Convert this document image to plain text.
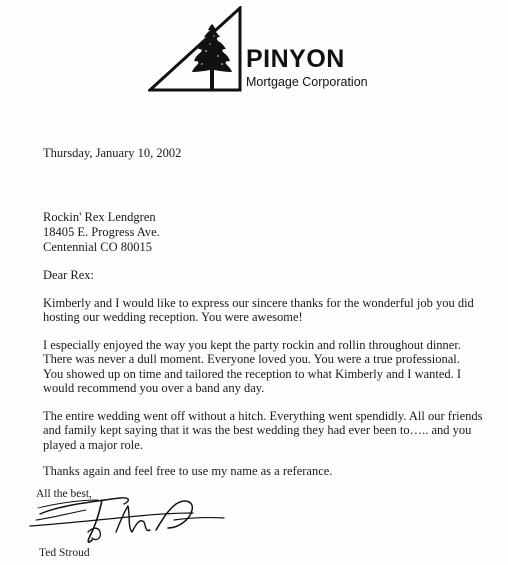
PINYON
Mortgage Corporation
Thursday, January 10, 2002
Rockin' Rex Lendgren
18405 E. Progress Ave.
Centennial CO 80015
Dear Rex:
Kimberly and I would like to express our sincere thanks for the wonderful job you did
hosting our wedding reception. You were awesome!
I especially enjoyed the way you kept the party rockin and rollin throughout dinner.
There was never a dull moment. Everyone loved you. You were a true professional.
You showed up on time and tailored the reception to what Kimberly and I wanted. I
would recommend you over a band any day.
The entire wedding went off without a hitch. Everything went spendidly. All our friends
and family kept saying that it was the best wedding they had ever been to….. and you
played a major role.
Thanks again and feel free to use my name as a referance.
All the best,
Ted Stroud
